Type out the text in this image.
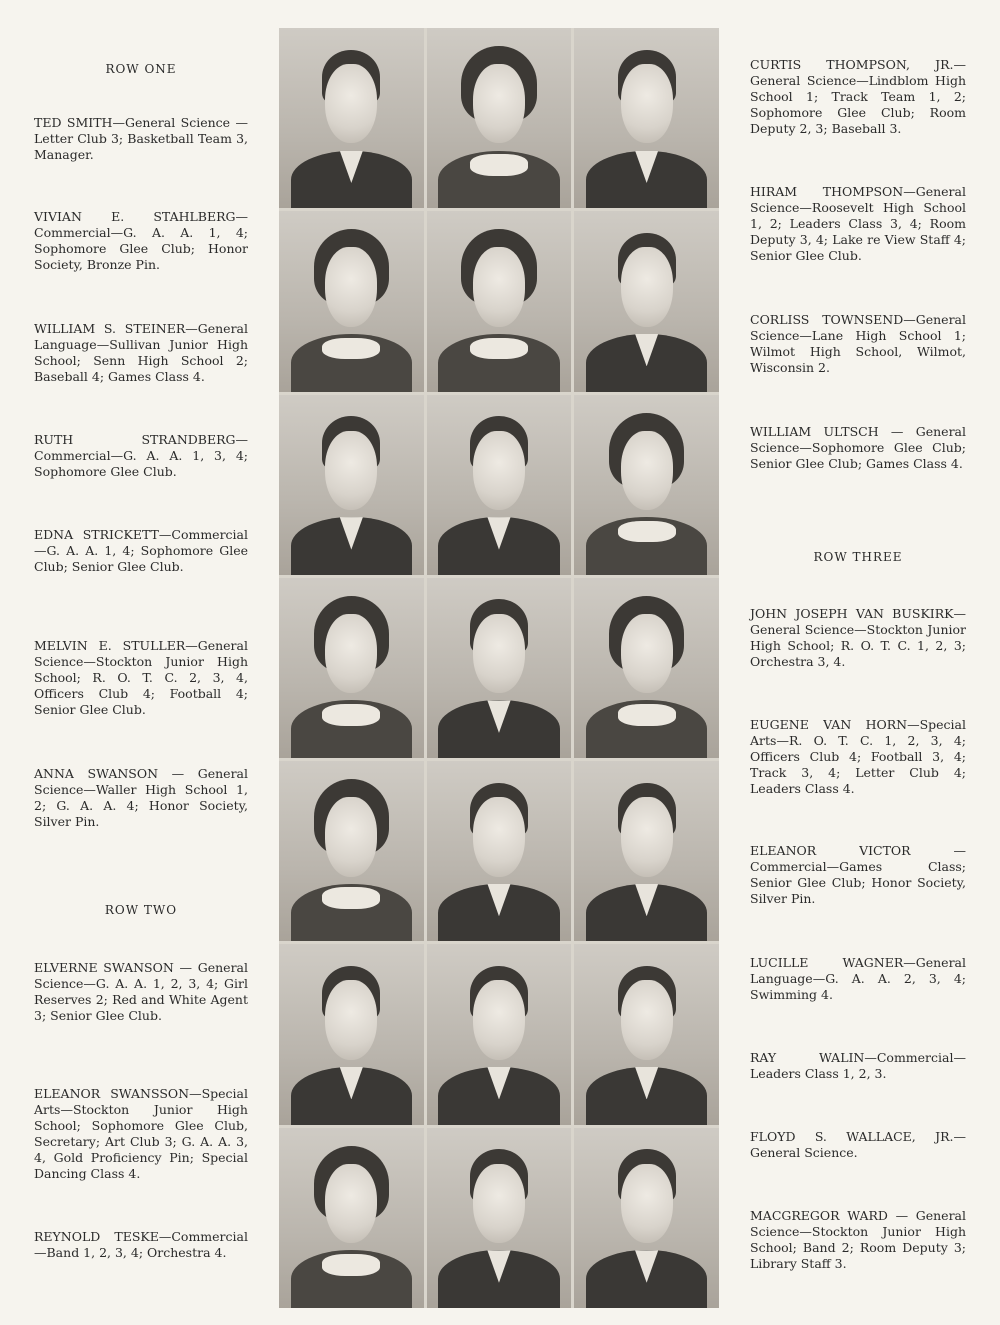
ROW ONE

TED SMITH—General Science —Letter Club 3; Basketball Team 3, Manager.

VIVIAN E. STAHLBERG— Commercial—G. A. A. 1, 4; Sophomore Glee Club; Honor Society, Bronze Pin.

WILLIAM S. STEINER—General Language—Sullivan Junior High School; Senn High School 2; Baseball 4; Games Class 4.

RUTH STRANDBERG—Commercial—G. A. A. 1, 3, 4; Sophomore Glee Club.

EDNA STRICKETT—Commercial—G. A. A. 1, 4; Sophomore Glee Club; Senior Glee Club.

MELVIN E. STULLER—General Science—Stockton Junior High School; R. O. T. C. 2, 3, 4, Officers Club 4; Football 4; Senior Glee Club.

ANNA SWANSON — General Science—Waller High School 1, 2; G. A. A. 4; Honor Society, Silver Pin.

ROW TWO

ELVERNE SWANSON — General Science—G. A. A. 1, 2, 3, 4; Girl Reserves 2; Red and White Agent 3; Senior Glee Club.

ELEANOR SWANSSON—Special Arts—Stockton Junior High School; Sophomore Glee Club, Secretary; Art Club 3; G. A. A. 3, 4, Gold Proficiency Pin; Special Dancing Class 4.

REYNOLD TESKE—Commercial—Band 1, 2, 3, 4; Orchestra 4.

CURTIS THOMPSON, JR.— General Science—Lindblom High School 1; Track Team 1, 2; Sophomore Glee Club; Room Deputy 2, 3; Baseball 3.

HIRAM THOMPSON—General Science—Roosevelt High School 1, 2; Leaders Class 3, 4; Room Deputy 3, 4; Lake re View Staff 4; Senior Glee Club.

CORLISS TOWNSEND—General Science—Lane High School 1; Wilmot High School, Wilmot, Wisconsin 2.

WILLIAM ULTSCH — General Science—Sophomore Glee Club; Senior Glee Club; Games Class 4.

ROW THREE

JOHN JOSEPH VAN BUSKIRK—General Science—Stockton Junior High School; R. O. T. C. 1, 2, 3; Orchestra 3, 4.

EUGENE VAN HORN—Special Arts—R. O. T. C. 1, 2, 3, 4; Officers Club 4; Football 3, 4; Track 3, 4; Letter Club 4; Leaders Class 4.

ELEANOR VICTOR — Commercial—Games Class; Senior Glee Club; Honor Society, Silver Pin.

LUCILLE WAGNER—General Language—G. A. A. 2, 3, 4; Swimming 4.

RAY WALIN—Commercial— Leaders Class 1, 2, 3.

FLOYD S. WALLACE, JR.— General Science.

MACGREGOR WARD — General Science—Stockton Junior High School; Band 2; Room Deputy 3; Library Staff 3.
